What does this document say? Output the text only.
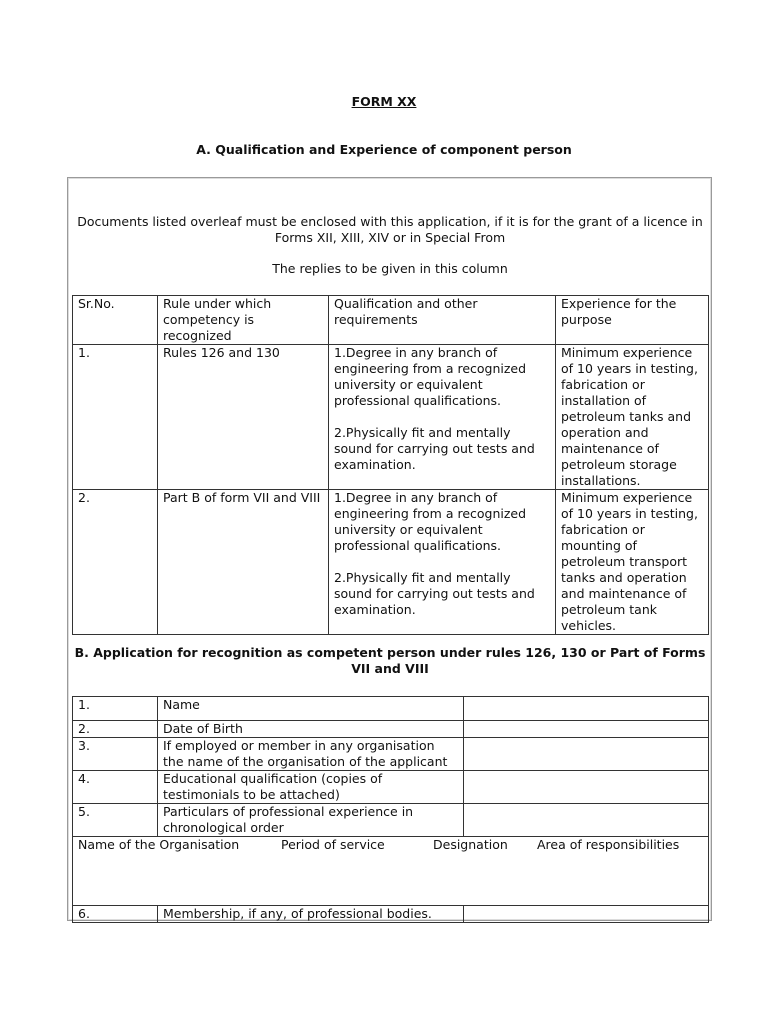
FORM XX
A. Qualification and Experience of component person
Documents listed overleaf must be enclosed with this application, if it is for the grant of a licence in Forms XII, XIII, XIV or in Special From
The replies to be given in this column
Sr.No.	Rule under which competency is recognized	Qualification and other requirements	Experience for the purpose
1.	Rules 126 and 130	1.Degree in any branch of engineering from a recognized university or equivalent professional qualifications.

2.Physically fit and mentally sound for carrying out tests and examination.	Minimum experience of 10 years in testing, fabrication or installation of petroleum tanks and operation and maintenance of petroleum storage installations.
2.	Part B of form VII and VIII	1.Degree in any branch of engineering from a recognized university or equivalent professional qualifications.

2.Physically fit and mentally sound for carrying out tests and examination.	Minimum experience of 10 years in testing, fabrication or mounting of petroleum transport tanks and operation and maintenance of petroleum tank vehicles.
B. Application for recognition as competent person under rules 126, 130 or Part of Forms VII and VIII
1.	Name	
2.	Date of Birth	
3.	If employed or member in any organisation the name of the organisation of the applicant	
4.	Educational qualification (copies of testimonials to be attached)	
5.	Particulars of professional experience in chronological order	

Name of the Organisation Period of service Designation Area of responsibilities		

6.	Membership, if any, of professional bodies.	
